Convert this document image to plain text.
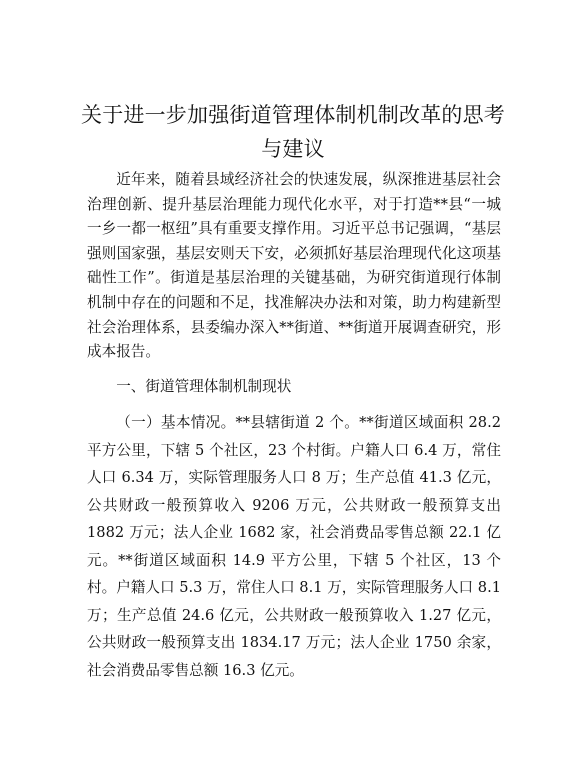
关于进一步加强街道管理体制机制改革的思考与建议

近年来，随着县域经济社会的快速发展，纵深推进基层社会治理创新、提升基层治理能力现代化水平，对于打造**县“一城一乡一都一枢纽”具有重要支撑作用。习近平总书记强调，“基层强则国家强，基层安则天下安，必须抓好基层治理现代化这项基础性工作”。街道是基层治理的关键基础，为研究街道现行体制机制中存在的问题和不足，找准解决办法和对策，助力构建新型社会治理体系，县委编办深入**街道、**街道开展调查研究，形成本报告。

一、街道管理体制机制现状

（一）基本情况。**县辖街道 2 个。**街道区域面积 28.2 平方公里，下辖 5 个社区，23 个村街。户籍人口 6.4 万，常住人口 6.34 万，实际管理服务人口 8 万；生产总值 41.3 亿元，公共财政一般预算收入 9206 万元，公共财政一般预算支出 1882 万元；法人企业 1682 家，社会消费品零售总额 22.1 亿元。**街道区域面积 14.9 平方公里，下辖 5 个社区，13 个村。户籍人口 5.3 万，常住人口 8.1 万，实际管理服务人口 8.1 万；生产总值 24.6 亿元，公共财政一般预算收入 1.27 亿元，公共财政一般预算支出 1834.17 万元；法人企业 1750 余家，社会消费品零售总额 16.3 亿元。
